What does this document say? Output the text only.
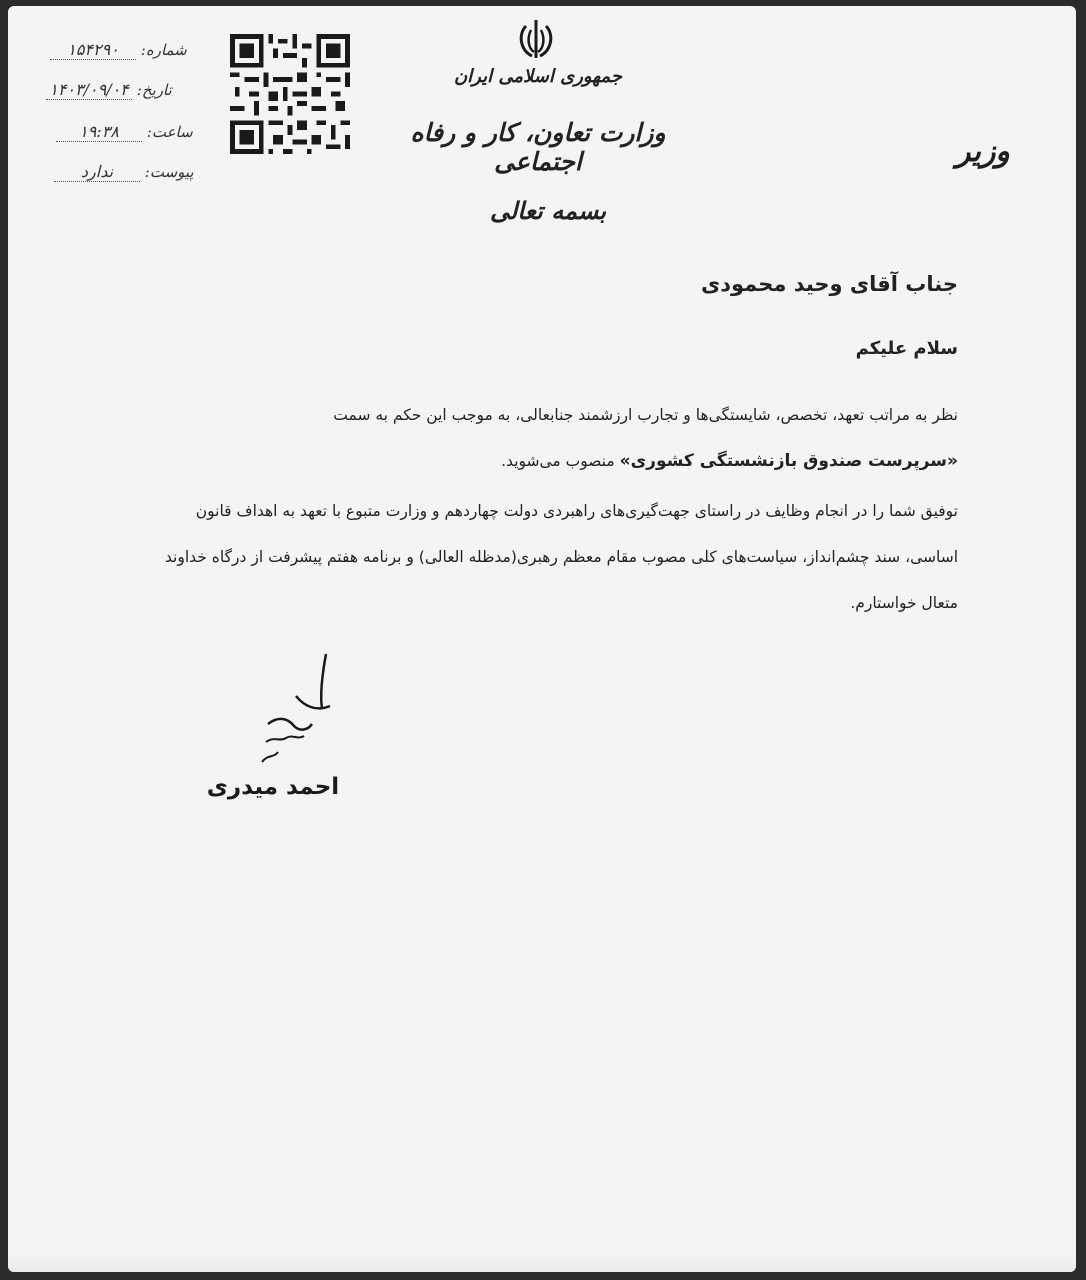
شماره: ۱۵۴۲۹۰
تاریخ: ۱۴۰۳/۰۹/۰۴
ساعت: ۱۹:۳۸
پیوست: ندارد
جمهوری اسلامی ایران
وزارت تعاون، کار و رفاه اجتماعی
بسمه تعالی
وزیر
جناب آقای وحید محمودی
سلام علیکم
نظر به مراتب تعهد، تخصص، شایستگی‌ها و تجارب ارزشمند جنابعالی، به موجب این حکم به سمت
«سرپرست صندوق بازنشستگی کشوری» منصوب می‌شوید.
توفیق شما را در انجام وظایف در راستای جهت‌گیری‌های راهبردی دولت چهاردهم و وزارت متبوع با تعهد به اهداف قانون اساسی، سند چشم‌انداز، سیاست‌های کلی مصوب مقام معظم رهبری(مدظله العالی) و برنامه هفتم پیشرفت از درگاه خداوند متعال خواستارم.
احمد میدری
